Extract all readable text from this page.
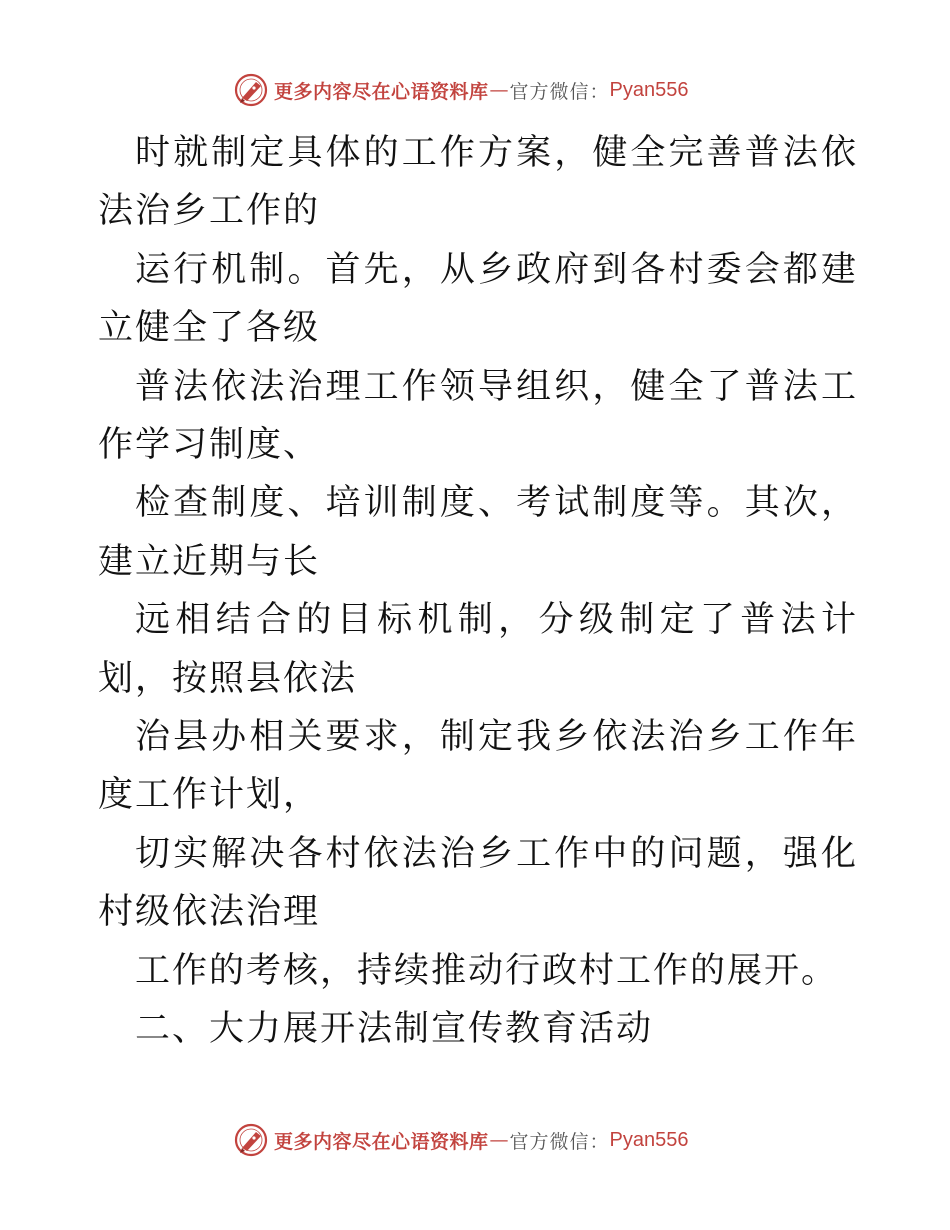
更多内容尽在心语资料库 — 官方微信： Pyan556

时就制定具体的工作方案，健全完善普法依法治乡工作的

运行机制。首先，从乡政府到各村委会都建立健全了各级

普法依法治理工作领导组织，健全了普法工作学习制度、

检查制度、培训制度、考试制度等。其次，建立近期与长

远相结合的目标机制，分级制定了普法计划，按照县依法

治县办相关要求，制定我乡依法治乡工作年度工作计划，

切实解决各村依法治乡工作中的问题，强化村级依法治理

工作的考核，持续推动行政村工作的展开。

二、大力展开法制宣传教育活动

更多内容尽在心语资料库 — 官方微信： Pyan556
